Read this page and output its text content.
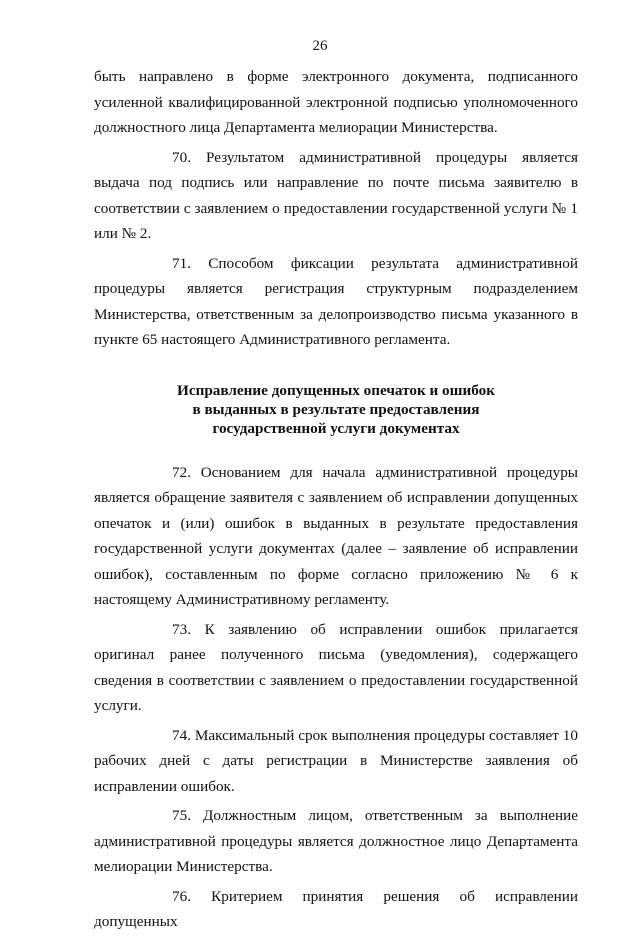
26

быть направлено в форме электронного документа, подписанного усиленной квалифицированной электронной подписью уполномоченного должностного лица Департамента мелиорации Министерства.

70. Результатом административной процедуры является выдача под подпись или направление по почте письма заявителю в соответствии с заявлением о предоставлении государственной услуги № 1 или № 2.

71. Способом фиксации результата административной процедуры является регистрация структурным подразделением Министерства, ответственным за делопроизводство письма указанного в пункте 65 настоящего Административного регламента.

Исправление допущенных опечаток и ошибок
в выданных в результате предоставления
государственной услуги документах

72. Основанием для начала административной процедуры является обращение заявителя с заявлением об исправлении допущенных опечаток и (или) ошибок в выданных в результате предоставления государственной услуги документах (далее – заявление об исправлении ошибок), составленным по форме согласно приложению № 6 к настоящему Административному регламенту.

73. К заявлению об исправлении ошибок прилагается оригинал ранее полученного письма (уведомления), содержащего сведения в соответствии с заявлением о предоставлении государственной услуги.

74. Максимальный срок выполнения процедуры составляет 10 рабочих дней с даты регистрации в Министерстве заявления об исправлении ошибок.

75. Должностным лицом, ответственным за выполнение административной процедуры является должностное лицо Департамента мелиорации Министерства.

76. Критерием принятия решения об исправлении допущенных
